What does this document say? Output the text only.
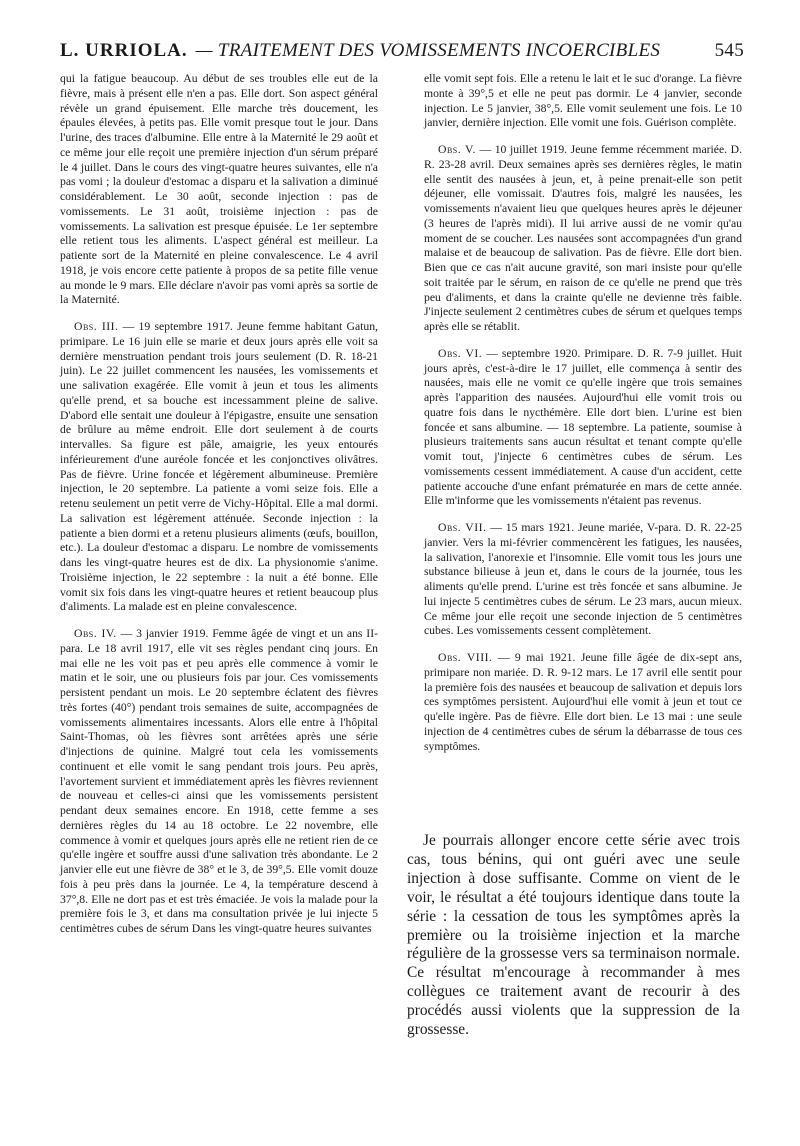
L. URRIOLA. — TRAITEMENT DES VOMISSEMENTS INCOERCIBLES	545

qui la fatigue beaucoup. Au début de ses troubles elle eut de la fièvre, mais à présent elle n'en a pas. Elle dort. Son aspect général révèle un grand épuisement. Elle marche très doucement, les épaules élevées, à petits pas. Elle vomit presque tout le jour. Dans l'urine, des traces d'albumine. Elle entre à la Maternité le 29 août et ce même jour elle reçoit une première injection d'un sérum préparé le 4 juillet. Dans le cours des vingt-quatre heures suivantes, elle n'a pas vomi ; la douleur d'estomac a disparu et la salivation a diminué considérablement. Le 30 août, seconde injection : pas de vomissements. Le 31 août, troisième injection : pas de vomissements. La salivation est presque épuisée. Le 1er septembre elle retient tous les aliments. L'aspect général est meilleur. La patiente sort de la Maternité en pleine convalescence. Le 4 avril 1918, je vois encore cette patiente à propos de sa petite fille venue au monde le 9 mars. Elle déclare n'avoir pas vomi après sa sortie de la Maternité.

Obs. III. — 19 septembre 1917. Jeune femme habitant Gatun, primipare. Le 16 juin elle se marie et deux jours après elle voit sa dernière menstruation pendant trois jours seulement (D. R. 18-21 juin). Le 22 juillet commencent les nausées, les vomissements et une salivation exagérée. Elle vomit à jeun et tous les aliments qu'elle prend, et sa bouche est incessamment pleine de salive. D'abord elle sentait une douleur à l'épigastre, ensuite une sensation de brûlure au même endroit. Elle dort seulement à de courts intervalles. Sa figure est pâle, amaigrie, les yeux entourés inférieurement d'une auréole foncée et les conjonctives olivâtres. Pas de fièvre. Urine foncée et légèrement albumineuse. Première injection, le 20 septembre. La patiente a vomi seize fois. Elle a retenu seulement un petit verre de Vichy-Hôpital. Elle a mal dormi. La salivation est légèrement atténuée. Seconde injection : la patiente a bien dormi et a retenu plusieurs aliments (œufs, bouillon, etc.). La douleur d'estomac a disparu. Le nombre de vomissements dans les vingt-quatre heures est de dix. La physionomie s'anime. Troisième injection, le 22 septembre : la nuit a été bonne. Elle vomit six fois dans les vingt-quatre heures et retient beaucoup plus d'aliments. La malade est en pleine convalescence.

Obs. IV. — 3 janvier 1919. Femme âgée de vingt et un ans II-para. Le 18 avril 1917, elle vit ses règles pendant cinq jours. En mai elle ne les voit pas et peu après elle commence à vomir le matin et le soir, une ou plusieurs fois par jour. Ces vomissements persistent pendant un mois. Le 20 septembre éclatent des fièvres très fortes (40°) pendant trois semaines de suite, accompagnées de vomissements alimentaires incessants. Alors elle entre à l'hôpital Saint-Thomas, où les fièvres sont arrêtées après une série d'injections de quinine. Malgré tout cela les vomissements continuent et elle vomit le sang pendant trois jours. Peu après, l'avortement survient et immédiatement après les fièvres reviennent de nouveau et celles-ci ainsi que les vomissements persistent pendant deux semaines encore. En 1918, cette femme a ses dernières règles du 14 au 18 octobre. Le 22 novembre, elle commence à vomir et quelques jours après elle ne retient rien de ce qu'elle ingère et souffre aussi d'une salivation très abondante. Le 2 janvier elle eut une fièvre de 38° et le 3, de 39°,5. Elle vomit douze fois à peu près dans la journée. Le 4, la température descend à 37°,8. Elle ne dort pas et est très émaciée. Je vois la malade pour la première fois le 3, et dans ma consultation privée je lui injecte 5 centimètres cubes de sérum Dans les vingt-quatre heures suivantes

elle vomit sept fois. Elle a retenu le lait et le suc d'orange. La fièvre monte à 39°,5 et elle ne peut pas dormir. Le 4 janvier, seconde injection. Le 5 janvier, 38°,5. Elle vomit seulement une fois. Le 10 janvier, dernière injection. Elle vomit une fois. Guérison complète.

Obs. V. — 10 juillet 1919. Jeune femme récemment mariée. D. R. 23-28 avril. Deux semaines après ses dernières règles, le matin elle sentit des nausées à jeun, et, à peine prenait-elle son petit déjeuner, elle vomissait. D'autres fois, malgré les nausées, les vomissements n'avaient lieu que quelques heures après le déjeuner (3 heures de l'après midi). Il lui arrive aussi de ne vomir qu'au moment de se coucher. Les nausées sont accompagnées d'un grand malaise et de beaucoup de salivation. Pas de fièvre. Elle dort bien. Bien que ce cas n'ait aucune gravité, son mari insiste pour qu'elle soit traitée par le sérum, en raison de ce qu'elle ne prend que très peu d'aliments, et dans la crainte qu'elle ne devienne très faible. J'injecte seulement 2 centimètres cubes de sérum et quelques temps après elle se rétablit.

Obs. VI. — septembre 1920. Primipare. D. R. 7-9 juillet. Huit jours après, c'est-à-dire le 17 juillet, elle commença à sentir des nausées, mais elle ne vomit ce qu'elle ingère que trois semaines après l'apparition des nausées. Aujourd'hui elle vomit trois ou quatre fois dans le nycthémère. Elle dort bien. L'urine est bien foncée et sans albumine. — 18 septembre. La patiente, soumise à plusieurs traitements sans aucun résultat et tenant compte qu'elle vomit tout, j'injecte 6 centimètres cubes de sérum. Les vomissements cessent immédiatement. A cause d'un accident, cette patiente accouche d'une enfant prématurée en mars de cette année. Elle m'informe que les vomissements n'étaient pas revenus.

Obs. VII. — 15 mars 1921. Jeune mariée, V-para. D. R. 22-25 janvier. Vers la mi-février commencèrent les fatigues, les nausées, la salivation, l'anorexie et l'insomnie. Elle vomit tous les jours une substance bilieuse à jeun et, dans le cours de la journée, tous les aliments qu'elle prend. L'urine est très foncée et sans albumine. Je lui injecte 5 centimètres cubes de sérum. Le 23 mars, aucun mieux. Ce même jour elle reçoit une seconde injection de 5 centimètres cubes. Les vomissements cessent complètement.

Obs. VIII. — 9 mai 1921. Jeune fille âgée de dix-sept ans, primipare non mariée. D. R. 9-12 mars. Le 17 avril elle sentit pour la première fois des nausées et beaucoup de salivation et depuis lors ces symptômes persistent. Aujourd'hui elle vomit à jeun et tout ce qu'elle ingère. Pas de fièvre. Elle dort bien. Le 13 mai : une seule injection de 4 centimètres cubes de sérum la débarrasse de tous ces symptômes.

Je pourrais allonger encore cette série avec trois cas, tous bénins, qui ont guéri avec une seule injection à dose suffisante. Comme on vient de le voir, le résultat a été toujours identique dans toute la série : la cessation de tous les symptômes après la première ou la troisième injection et la marche régulière de la grossesse vers sa terminaison normale. Ce résultat m'encourage à recommander à mes collègues ce traitement avant de recourir à des procédés aussi violents que la suppression de la grossesse.
